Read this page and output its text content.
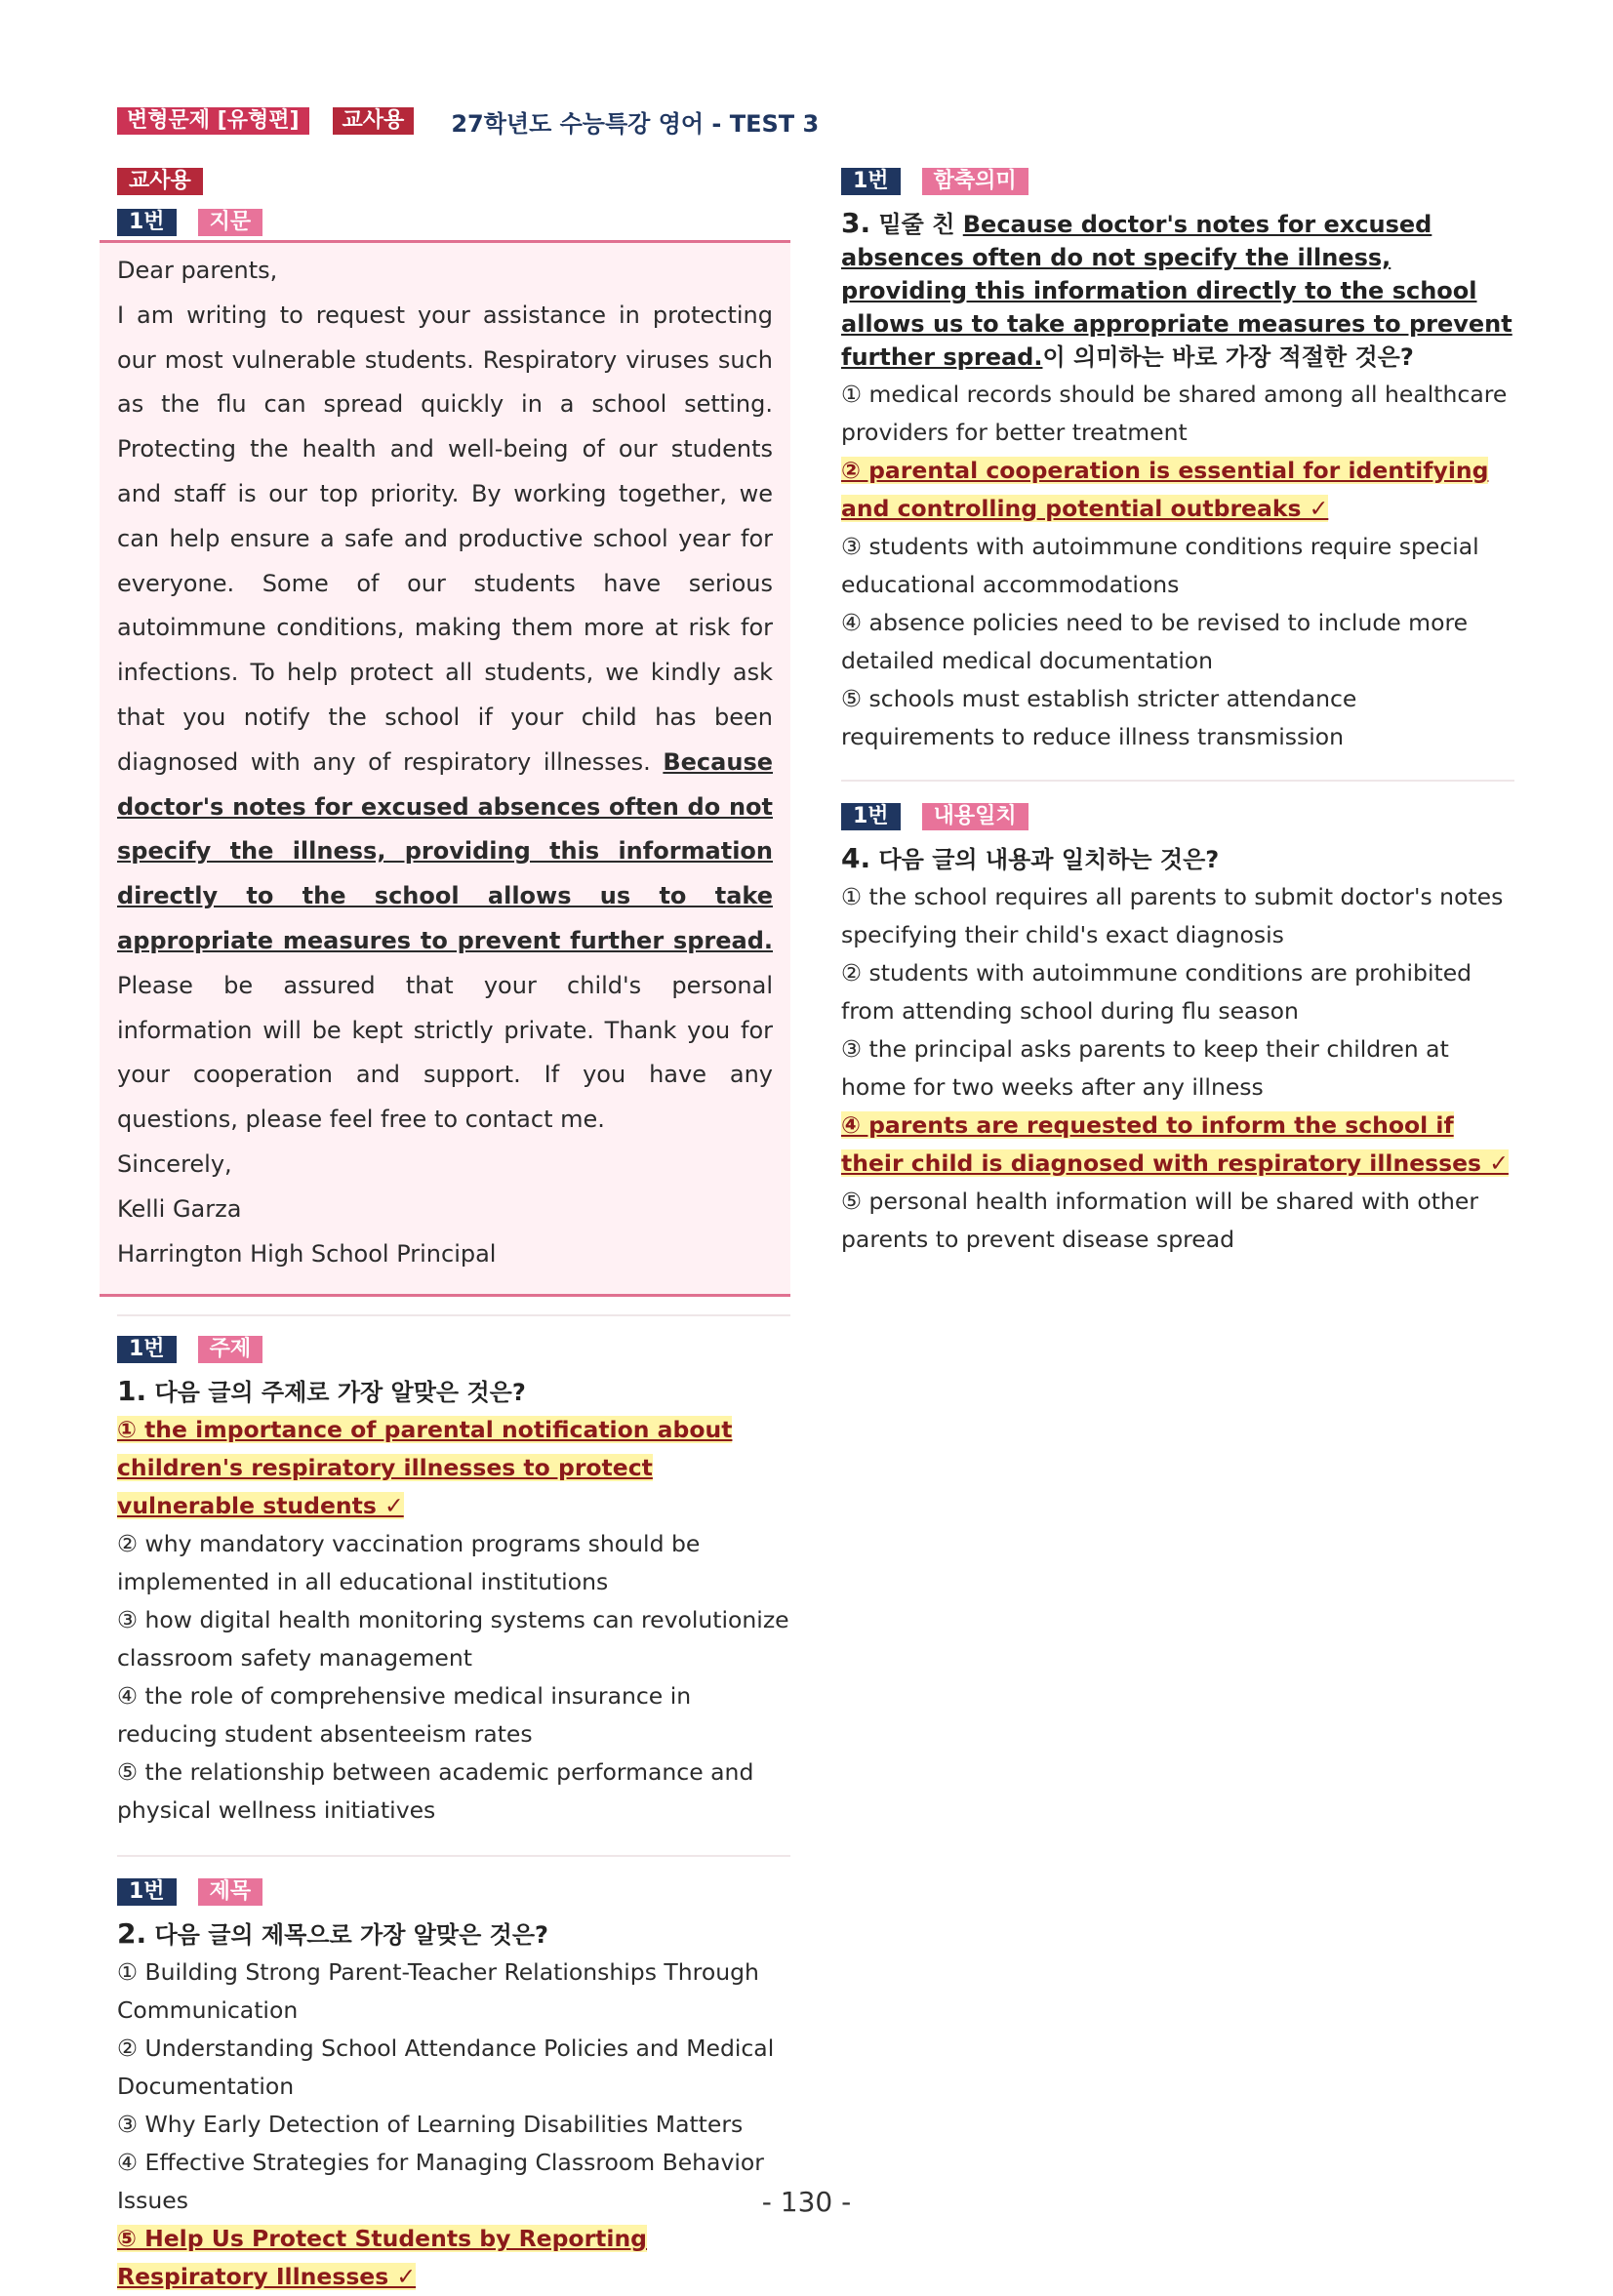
변형문제 [유형편]	교사용	27학년도 수능특강 영어 - TEST 3
교사용
1번	지문

Dear parents,

I am writing to request your assistance in protecting our most vulnerable students. Respiratory viruses such as the flu can spread quickly in a school setting. Protecting the health and well-being of our students and staff is our top priority. By working together, we can help ensure a safe and productive school year for everyone. Some of our students have serious autoimmune conditions, making them more at risk for infections. To help protect all students, we kindly ask that you notify the school if your child has been diagnosed with any of respiratory illnesses. Because doctor's notes for excused absences often do not specify the illness, providing this information directly to the school allows us to take appropriate measures to prevent further spread. Please be assured that your child's personal information will be kept strictly private. Thank you for your cooperation and support. If you have any questions, please feel free to contact me.

Sincerely,

Kelli Garza

Harrington High School Principal

1번	주제
1. 다음 글의 주제로 가장 알맞은 것은?

① the importance of parental notification about children's respiratory illnesses to protect vulnerable students ✓

② why mandatory vaccination programs should be implemented in all educational institutions

③ how digital health monitoring systems can revolutionize classroom safety management

④ the role of comprehensive medical insurance in reducing student absenteeism rates

⑤ the relationship between academic performance and physical wellness initiatives

1번	제목
2. 다음 글의 제목으로 가장 알맞은 것은?

① Building Strong Parent-Teacher Relationships Through Communication

② Understanding School Attendance Policies and Medical Documentation

③ Why Early Detection of Learning Disabilities Matters

④ Effective Strategies for Managing Classroom Behavior Issues

⑤ Help Us Protect Students by Reporting Respiratory Illnesses ✓

1번	함축의미
3. 밑줄 친 Because doctor's notes for excused absences often do not specify the illness, providing this information directly to the school allows us to take appropriate measures to prevent further spread.이 의미하는 바로 가장 적절한 것은?

① medical records should be shared among all healthcare providers for better treatment

② parental cooperation is essential for identifying and controlling potential outbreaks ✓

③ students with autoimmune conditions require special educational accommodations

④ absence policies need to be revised to include more detailed medical documentation

⑤ schools must establish stricter attendance requirements to reduce illness transmission

1번	내용일치
4. 다음 글의 내용과 일치하는 것은?

① the school requires all parents to submit doctor's notes specifying their child's exact diagnosis

② students with autoimmune conditions are prohibited from attending school during flu season

③ the principal asks parents to keep their children at home for two weeks after any illness

④ parents are requested to inform the school if their child is diagnosed with respiratory illnesses ✓

⑤ personal health information will be shared with other parents to prevent disease spread

- 130 -
